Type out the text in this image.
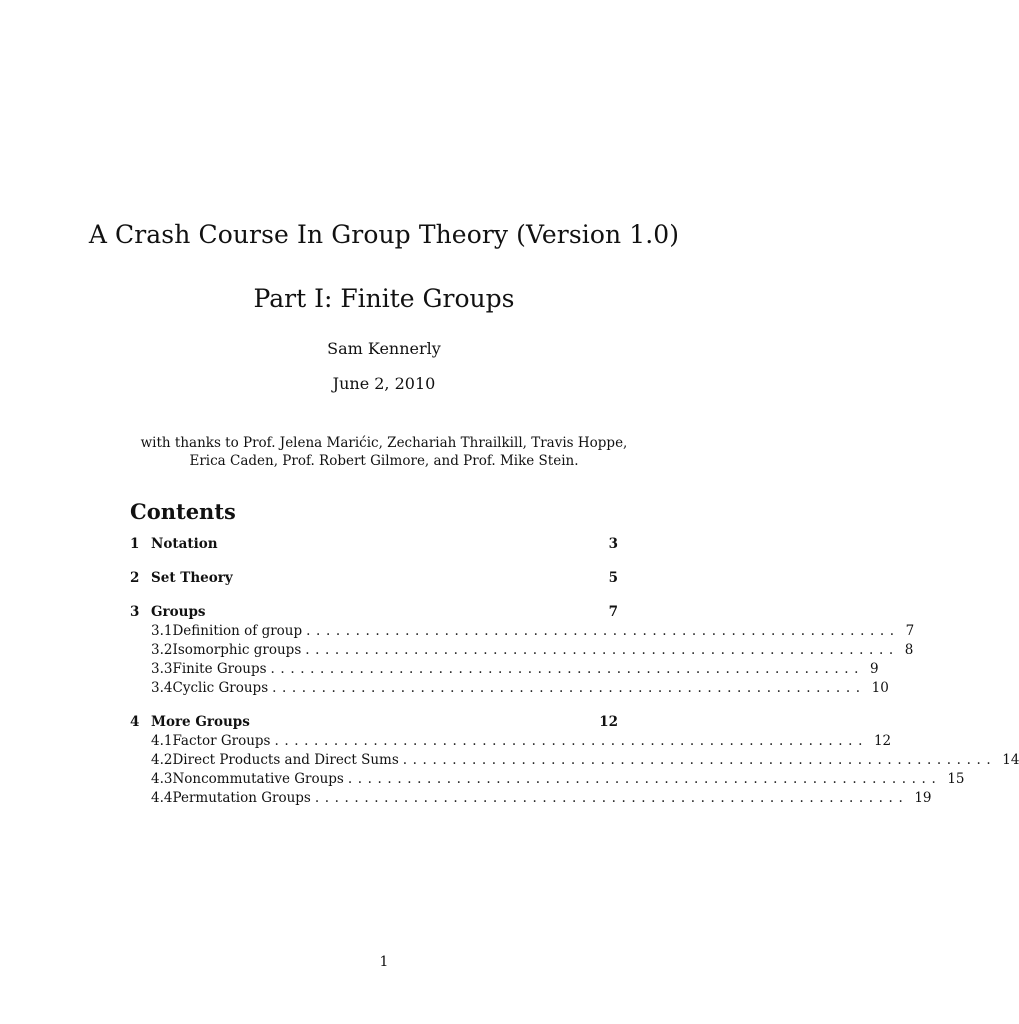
A Crash Course In Group Theory (Version 1.0)
Part I: Finite Groups
Sam Kennerly
June 2, 2010
with thanks to Prof. Jelena Marićic, Zechariah Thrailkill, Travis Hoppe,
Erica Caden, Prof. Robert Gilmore, and Prof. Mike Stein.
Contents
1 Notation	3
2 Set Theory	5
3 Groups	7
3.1 Definition of group ............................................................ 7
3.2 Isomorphic groups ............................................................ 8
3.3 Finite Groups ............................................................ 9
3.4 Cyclic Groups ............................................................ 10
4 More Groups	12
4.1 Factor Groups ............................................................ 12
4.2 Direct Products and Direct Sums ............................................................ 14
4.3 Noncommutative Groups ............................................................ 15
4.4 Permutation Groups ............................................................ 19
1
